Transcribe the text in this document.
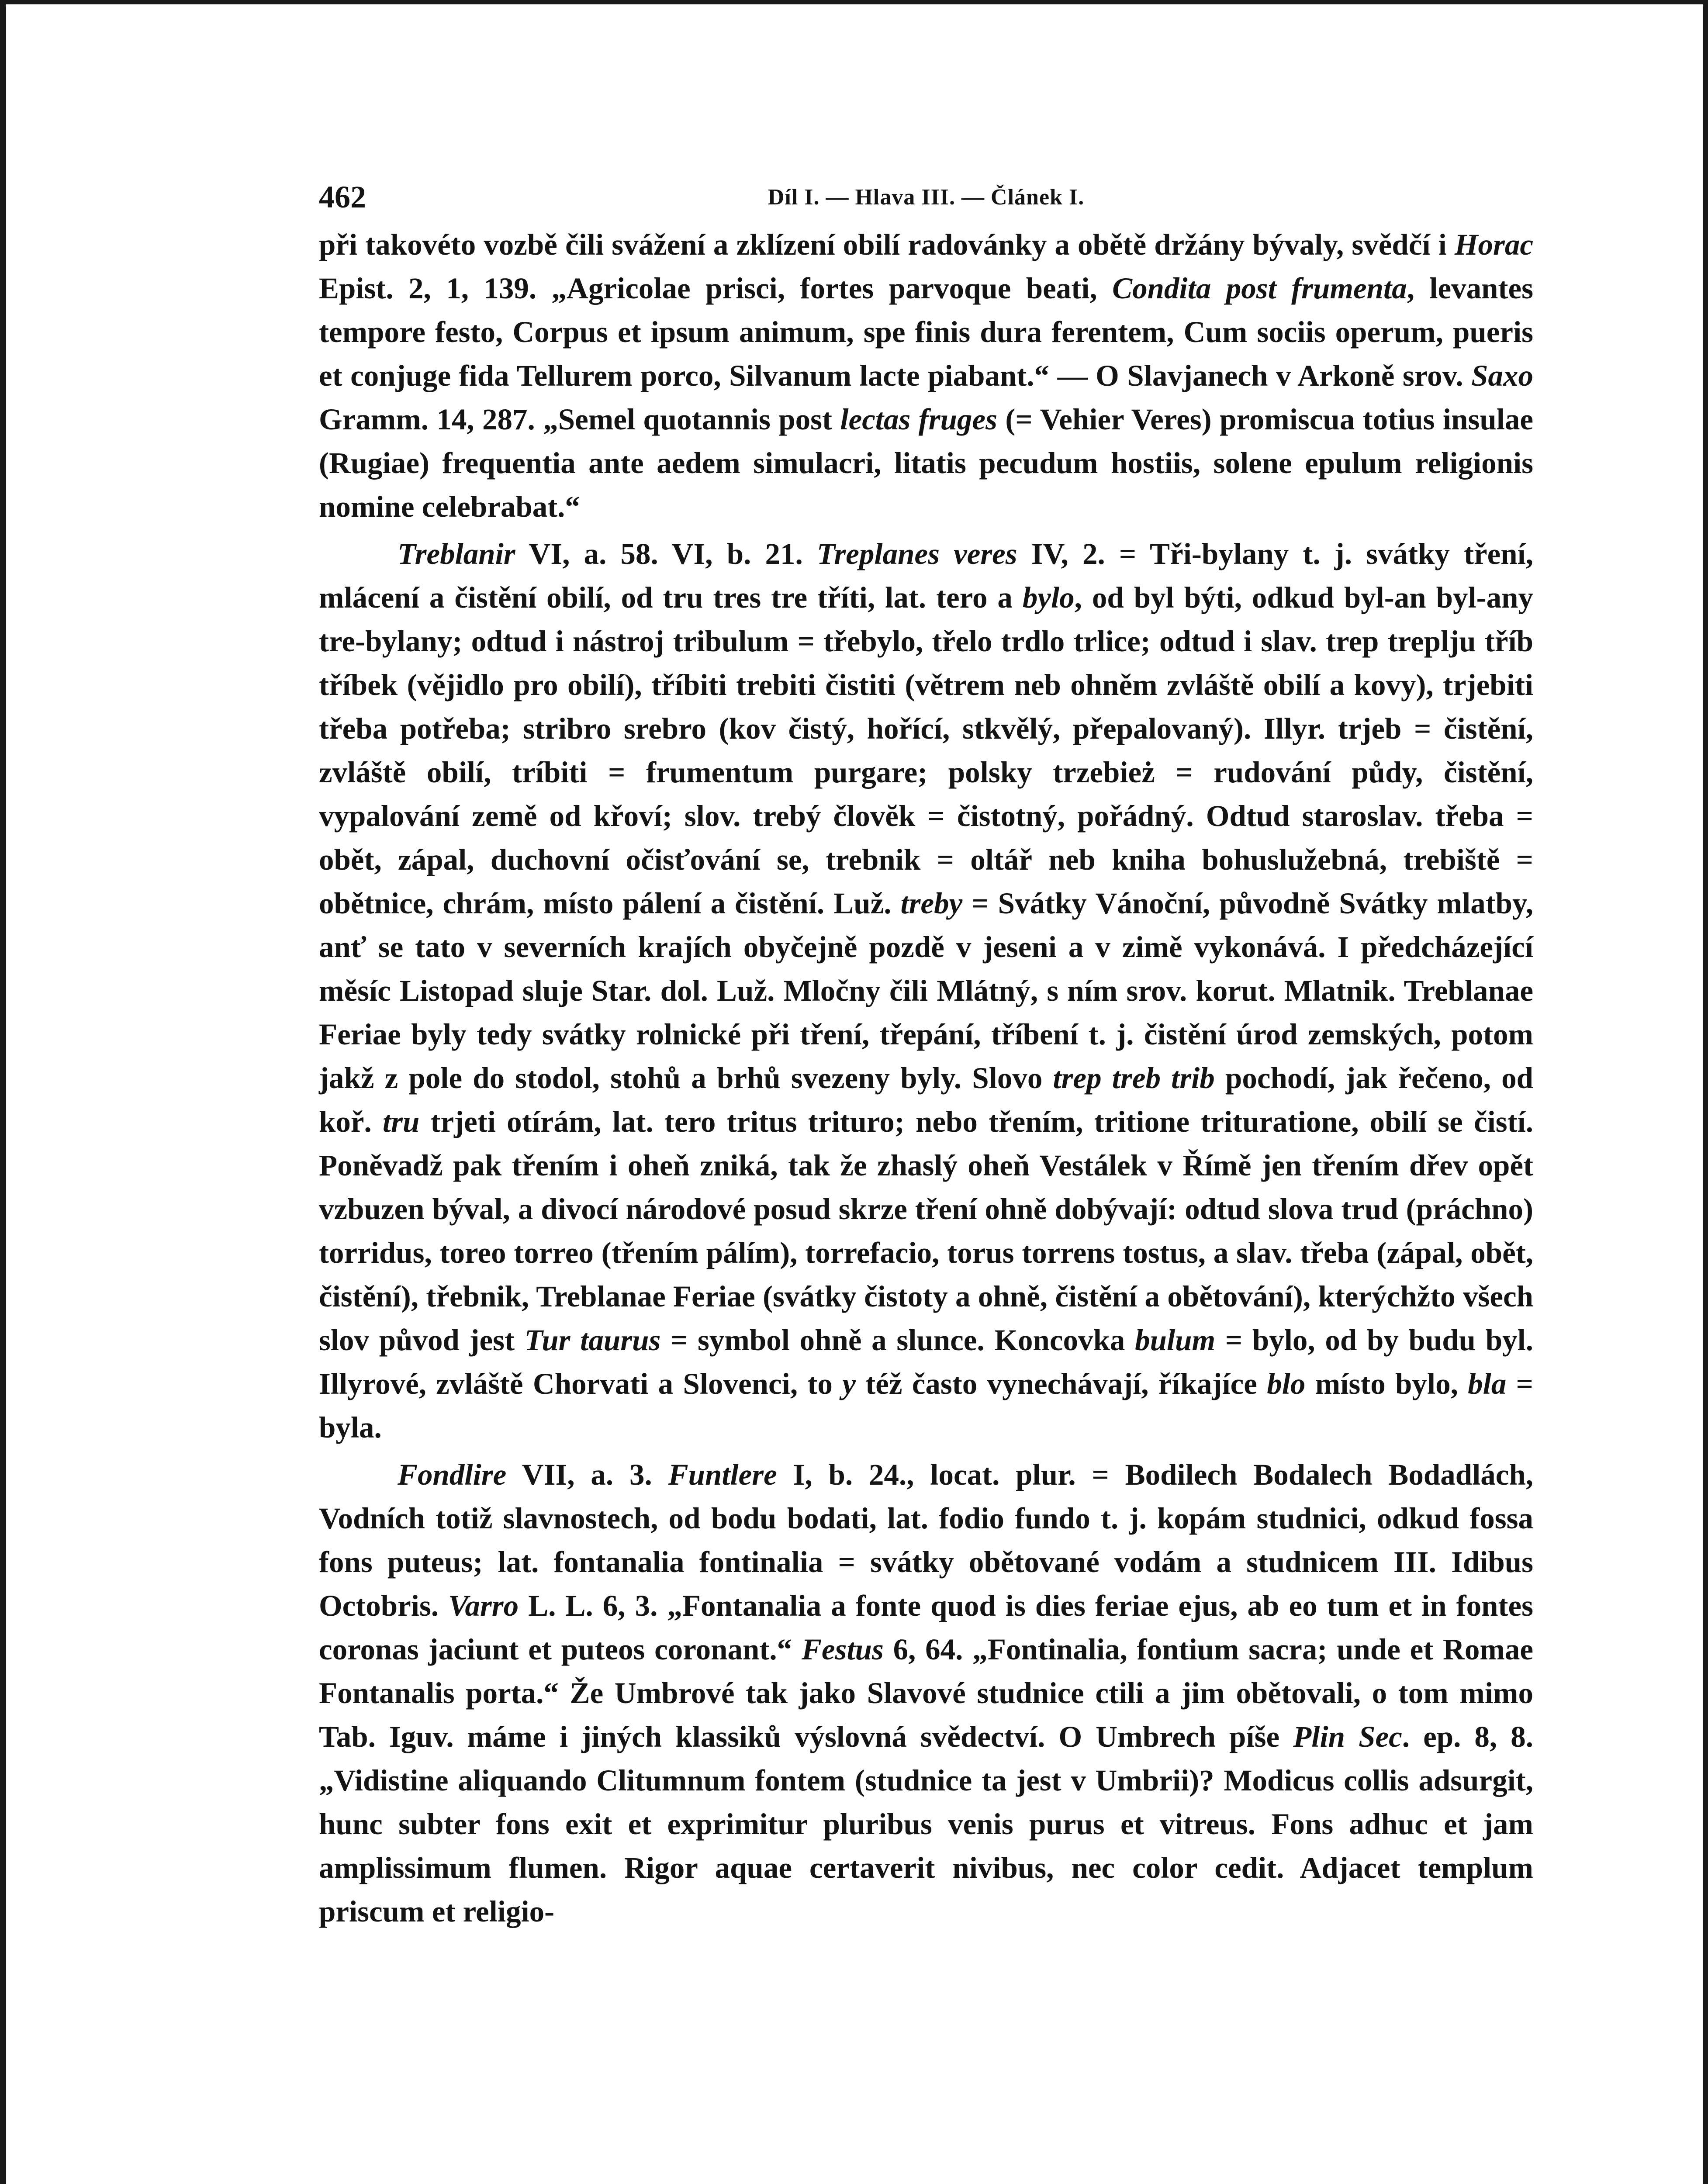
462	Díl I. — Hlava III. — Článek I.

při takovéto vozbě čili svážení a zklízení obilí radovánky a obětě držány bývaly, svědčí i Horac Epist. 2, 1, 139. „Agricolae prisci, fortes parvoque beati, Condita post frumenta, levantes tempore festo, Corpus et ipsum animum, spe finis dura ferentem, Cum sociis operum, pueris et conjuge fida Tellurem porco, Silvanum lacte piabant.“ — O Slavjanech v Arkoně srov. Saxo Gramm. 14, 287. „Semel quotannis post lectas fruges (= Vehier Veres) promiscua totius insulae (Rugiae) frequentia ante aedem simulacri, litatis pecudum hostiis, solene epulum religionis nomine celebrabat.“

Treblanir VI, a. 58. VI, b. 21. Treplanes veres IV, 2. = Tři-bylany t. j. svátky tření, mlácení a čistění obilí, od tru tres tre tříti, lat. tero a bylo, od byl býti, odkud byl-an byl-any tre-bylany; odtud i nástroj tribulum = třebylo, třelo trdlo trlice; odtud i slav. trep treplju tříb tříbek (vějidlo pro obilí), tříbiti trebiti čistiti (větrem neb ohněm zvláště obilí a kovy), trjebiti třeba potřeba; stribro srebro (kov čistý, hořící, stkvělý, přepalovaný). Illyr. trjeb = čistění, zvláště obilí, tríbiti = frumentum purgare; polsky trzebież = rudování půdy, čistění, vypalování země od křoví; slov. trebý človĕk = čistotný, pořádný. Odtud staroslav. třeba = obět, zápal, duchovní očisťování se, trebnik = oltář neb kniha bohuslužebná, trebiště = obětnice, chrám, místo pálení a čistění. Luž. treby = Svátky Vánoční, původně Svátky mlatby, anť se tato v severních krajích obyčejně pozdě v jeseni a v zimě vykonává. I předcházející měsíc Listopad sluje Star. dol. Luž. Mločny čili Mlátný, s ním srov. korut. Mlatnik. Treblanae Feriae byly tedy svátky rolnické při tření, třepání, tříbení t. j. čistění úrod zemských, potom jakž z pole do stodol, stohů a brhů svezeny byly. Slovo trep treb trib pochodí, jak řečeno, od koř. tru trjeti otírám, lat. tero tritus trituro; nebo třením, tritione trituratione, obilí se čistí. Poněvadž pak třením i oheň zniká, tak že zhaslý oheň Vestálek v Římě jen třením dřev opět vzbuzen býval, a divocí národové posud skrze tření ohně dobývají: odtud slova trud (práchno) torridus, toreo torreo (třením pálím), torrefacio, torus torrens tostus, a slav. třeba (zápal, obět, čistění), třebnik, Treblanae Feriae (svátky čistoty a ohně, čistění a obětování), kterýchžto všech slov původ jest Tur taurus = symbol ohně a slunce. Koncovka bulum = bylo, od by budu byl. Illyrové, zvláště Chorvati a Slovenci, to y též často vynechávají, říkajíce blo místo bylo, bla = byla.

Fondlire VII, a. 3. Funtlere I, b. 24., locat. plur. = Bodilech Bodalech Bodadlách, Vodních totiž slavnostech, od bodu bodati, lat. fodio fundo t. j. kopám studnici, odkud fossa fons puteus; lat. fontanalia fontinalia = svátky obětované vodám a studnicem III. Idibus Octobris. Varro L. L. 6, 3. „Fontanalia a fonte quod is dies feriae ejus, ab eo tum et in fontes coronas jaciunt et puteos coronant.“ Festus 6, 64. „Fontinalia, fontium sacra; unde et Romae Fontanalis porta.“ Že Umbrové tak jako Slavové studnice ctili a jim obětovali, o tom mimo Tab. Iguv. máme i jiných klassiků výslovná svědectví. O Umbrech píše Plin Sec. ep. 8, 8. „Vidistine aliquando Clitumnum fontem (studnice ta jest v Umbrii)? Modicus collis adsurgit, hunc subter fons exit et exprimitur pluribus venis purus et vitreus. Fons adhuc et jam amplissimum flumen. Rigor aquae certaverit nivibus, nec color cedit. Adjacet templum priscum et religio-
